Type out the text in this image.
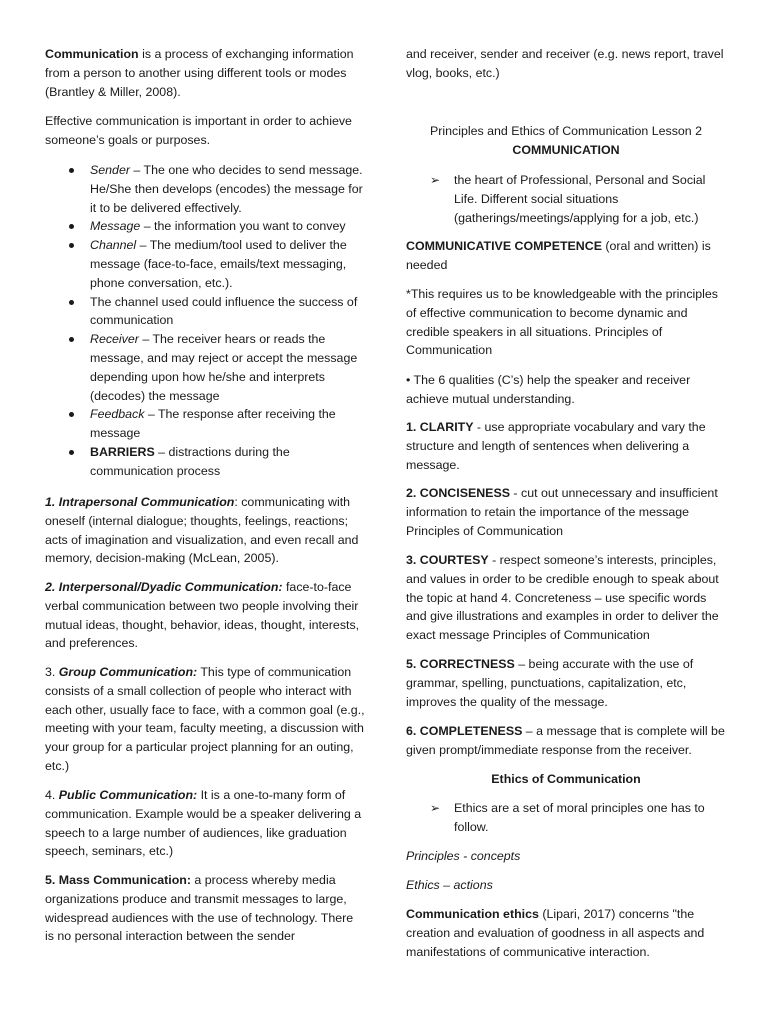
Communication is a process of exchanging information from a person to another using different tools or modes (Brantley & Miller, 2008).

Effective communication is important in order to achieve someone’s goals or purposes.

Sender – The one who decides to send message. He/She then develops (encodes) the message for it to be delivered effectively.
Message – the information you want to convey
Channel – The medium/tool used to deliver the message (face-to-face, emails/text messaging, phone conversation, etc.).
The channel used could influence the success of communication
Receiver – The receiver hears or reads the message, and may reject or accept the message depending upon how he/she and interprets (decodes) the message
Feedback – The response after receiving the message
BARRIERS – distractions during the communication process

1. Intrapersonal Communication: communicating with oneself (internal dialogue; thoughts, feelings, reactions; acts of imagination and visualization, and even recall and memory, decision-making (McLean, 2005).

2. Interpersonal/Dyadic Communication: face-to-face verbal communication between two people involving their mutual ideas, thought, behavior, ideas, thought, interests, and preferences.

3. Group Communication: This type of communication consists of a small collection of people who interact with each other, usually face to face, with a common goal (e.g., meeting with your team, faculty meeting, a discussion with your group for a particular project planning for an outing, etc.)

4. Public Communication: It is a one-to-many form of communication. Example would be a speaker delivering a speech to a large number of audiences, like graduation speech, seminars, etc.)

5. Mass Communication: a process whereby media organizations produce and transmit messages to large, widespread audiences with the use of technology. There is no personal interaction between the sender

and receiver, sender and receiver (e.g. news report, travel vlog, books, etc.)

Principles and Ethics of Communication Lesson 2

COMMUNICATION

➢ the heart of Professional, Personal and Social Life. Different social situations (gatherings/meetings/applying for a job, etc.)

COMMUNICATIVE COMPETENCE (oral and written) is needed

*This requires us to be knowledgeable with the principles of effective communication to become dynamic and credible speakers in all situations. Principles of Communication

• The 6 qualities (C’s) help the speaker and receiver achieve mutual understanding.

1. CLARITY - use appropriate vocabulary and vary the structure and length of sentences when delivering a message.

2. CONCISENESS - cut out unnecessary and insufficient information to retain the importance of the message Principles of Communication

3. COURTESY - respect someone’s interests, principles, and values in order to be credible enough to speak about the topic at hand 4. Concreteness – use specific words and give illustrations and examples in order to deliver the exact message Principles of Communication

5. CORRECTNESS – being accurate with the use of grammar, spelling, punctuations, capitalization, etc, improves the quality of the message.

6. COMPLETENESS – a message that is complete will be given prompt/immediate response from the receiver.

Ethics of Communication

➢ Ethics are a set of moral principles one has to follow.

Principles - concepts

Ethics – actions

Communication ethics (Lipari, 2017) concerns "the creation and evaluation of goodness in all aspects and manifestations of communicative interaction.
